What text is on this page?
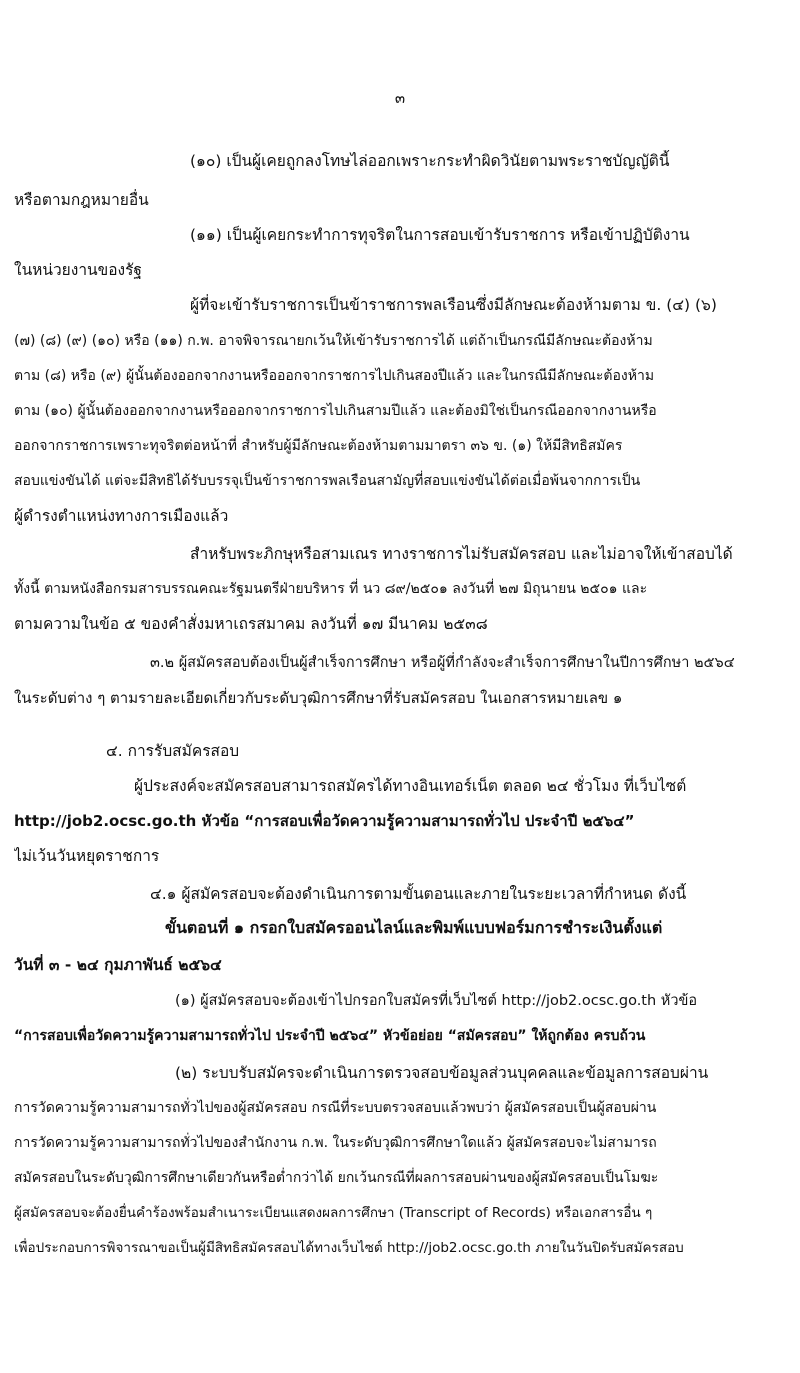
๓
(๑๐) เป็นผู้เคยถูกลงโทษไล่ออกเพราะกระทำผิดวินัยตามพระราชบัญญัตินี้
หรือตามกฎหมายอื่น
(๑๑) เป็นผู้เคยกระทำการทุจริตในการสอบเข้ารับราชการ หรือเข้าปฏิบัติงาน
ในหน่วยงานของรัฐ
ผู้ที่จะเข้ารับราชการเป็นข้าราชการพลเรือนซึ่งมีลักษณะต้องห้ามตาม ข. (๔) (๖)
(๗) (๘) (๙) (๑๐) หรือ (๑๑) ก.พ. อาจพิจารณายกเว้นให้เข้ารับราชการได้ แต่ถ้าเป็นกรณีมีลักษณะต้องห้าม
ตาม (๘) หรือ (๙) ผู้นั้นต้องออกจากงานหรือออกจากราชการไปเกินสองปีแล้ว และในกรณีมีลักษณะต้องห้าม
ตาม (๑๐) ผู้นั้นต้องออกจากงานหรือออกจากราชการไปเกินสามปีแล้ว และต้องมิใช่เป็นกรณีออกจากงานหรือ
ออกจากราชการเพราะทุจริตต่อหน้าที่ สำหรับผู้มีลักษณะต้องห้ามตามมาตรา ๓๖ ข. (๑) ให้มีสิทธิสมัคร
สอบแข่งขันได้ แต่จะมีสิทธิได้รับบรรจุเป็นข้าราชการพลเรือนสามัญที่สอบแข่งขันได้ต่อเมื่อพ้นจากการเป็น
ผู้ดำรงตำแหน่งทางการเมืองแล้ว
สำหรับพระภิกษุหรือสามเณร ทางราชการไม่รับสมัครสอบ และไม่อาจให้เข้าสอบได้
ทั้งนี้ ตามหนังสือกรมสารบรรณคณะรัฐมนตรีฝ่ายบริหาร ที่ นว ๘๙/๒๕๐๑ ลงวันที่ ๒๗ มิถุนายน ๒๕๐๑ และ
ตามความในข้อ ๕ ของคำสั่งมหาเถรสมาคม ลงวันที่ ๑๗ มีนาคม ๒๕๓๘
๓.๒ ผู้สมัครสอบต้องเป็นผู้สำเร็จการศึกษา หรือผู้ที่กำลังจะสำเร็จการศึกษาในปีการศึกษา ๒๕๖๔
ในระดับต่าง ๆ ตามรายละเอียดเกี่ยวกับระดับวุฒิการศึกษาที่รับสมัครสอบ ในเอกสารหมายเลข ๑
๔. การรับสมัครสอบ
ผู้ประสงค์จะสมัครสอบสามารถสมัครได้ทางอินเทอร์เน็ต ตลอด ๒๔ ชั่วโมง ที่เว็บไซต์
http://job2.ocsc.go.th หัวข้อ “การสอบเพื่อวัดความรู้ความสามารถทั่วไป ประจำปี ๒๕๖๔”
ไม่เว้นวันหยุดราชการ
๔.๑ ผู้สมัครสอบจะต้องดำเนินการตามขั้นตอนและภายในระยะเวลาที่กำหนด ดังนี้
ขั้นตอนที่ ๑ กรอกใบสมัครออนไลน์และพิมพ์แบบฟอร์มการชำระเงินตั้งแต่
วันที่ ๓ - ๒๔ กุมภาพันธ์ ๒๕๖๔
(๑) ผู้สมัครสอบจะต้องเข้าไปกรอกใบสมัครที่เว็บไซต์ http://job2.ocsc.go.th หัวข้อ
“การสอบเพื่อวัดความรู้ความสามารถทั่วไป ประจำปี ๒๕๖๔” หัวข้อย่อย “สมัครสอบ” ให้ถูกต้อง ครบถ้วน
(๒) ระบบรับสมัครจะดำเนินการตรวจสอบข้อมูลส่วนบุคคลและข้อมูลการสอบผ่าน
การวัดความรู้ความสามารถทั่วไปของผู้สมัครสอบ กรณีที่ระบบตรวจสอบแล้วพบว่า ผู้สมัครสอบเป็นผู้สอบผ่าน
การวัดความรู้ความสามารถทั่วไปของสำนักงาน ก.พ. ในระดับวุฒิการศึกษาใดแล้ว ผู้สมัครสอบจะไม่สามารถ
สมัครสอบในระดับวุฒิการศึกษาเดียวกันหรือต่ำกว่าได้ ยกเว้นกรณีที่ผลการสอบผ่านของผู้สมัครสอบเป็นโมฆะ
ผู้สมัครสอบจะต้องยื่นคำร้องพร้อมสำเนาระเบียนแสดงผลการศึกษา (Transcript of Records) หรือเอกสารอื่น ๆ
เพื่อประกอบการพิจารณาขอเป็นผู้มีสิทธิสมัครสอบได้ทางเว็บไซต์ http://job2.ocsc.go.th ภายในวันปิดรับสมัครสอบ
